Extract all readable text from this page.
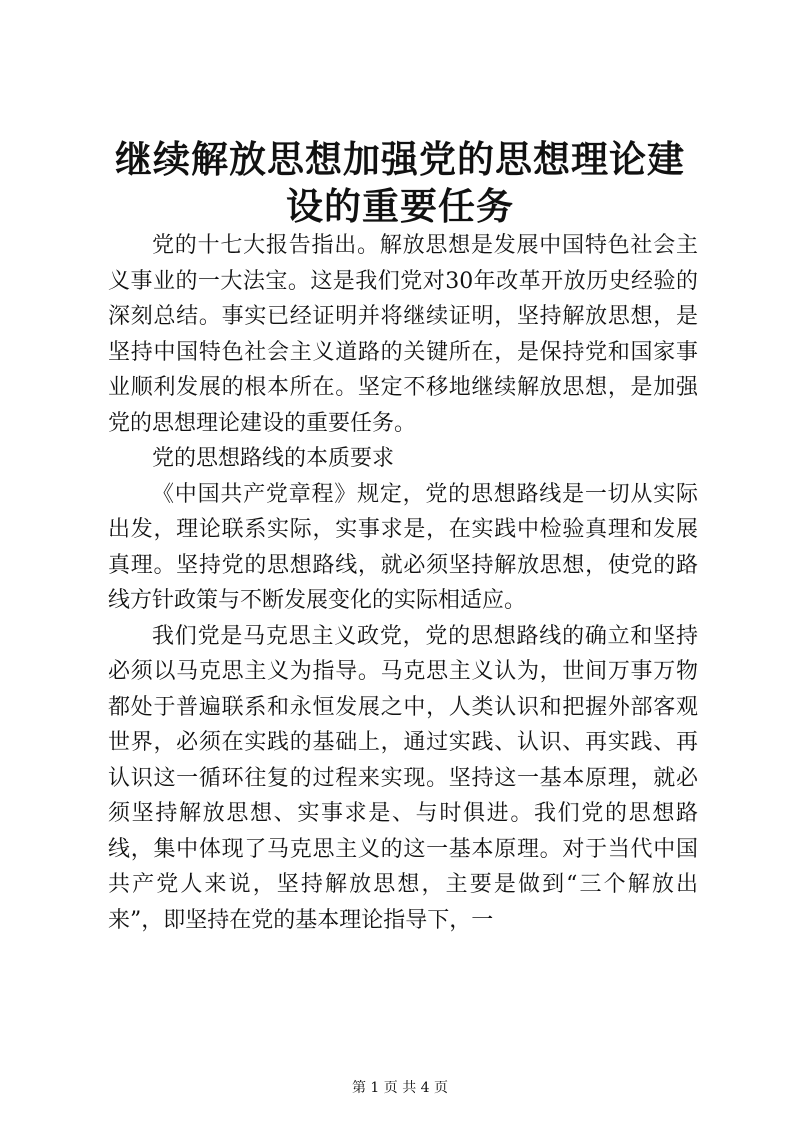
继续解放思想加强党的思想理论建设的重要任务

党的十七大报告指出。解放思想是发展中国特色社会主义事业的一大法宝。这是我们党对30年改革开放历史经验的深刻总结。事实已经证明并将继续证明，坚持解放思想，是坚持中国特色社会主义道路的关键所在，是保持党和国家事业顺利发展的根本所在。坚定不移地继续解放思想，是加强党的思想理论建设的重要任务。

党的思想路线的本质要求

《中国共产党章程》规定，党的思想路线是一切从实际出发，理论联系实际，实事求是，在实践中检验真理和发展真理。坚持党的思想路线，就必须坚持解放思想，使党的路线方针政策与不断发展变化的实际相适应。

我们党是马克思主义政党，党的思想路线的确立和坚持必须以马克思主义为指导。马克思主义认为，世间万事万物都处于普遍联系和永恒发展之中，人类认识和把握外部客观世界，必须在实践的基础上，通过实践、认识、再实践、再认识这一循环往复的过程来实现。坚持这一基本原理，就必须坚持解放思想、实事求是、与时俱进。我们党的思想路线，集中体现了马克思主义的这一基本原理。对于当代中国共产党人来说，坚持解放思想，主要是做到“三个解放出来”，即坚持在党的基本理论指导下，一

第 1 页 共 4 页
